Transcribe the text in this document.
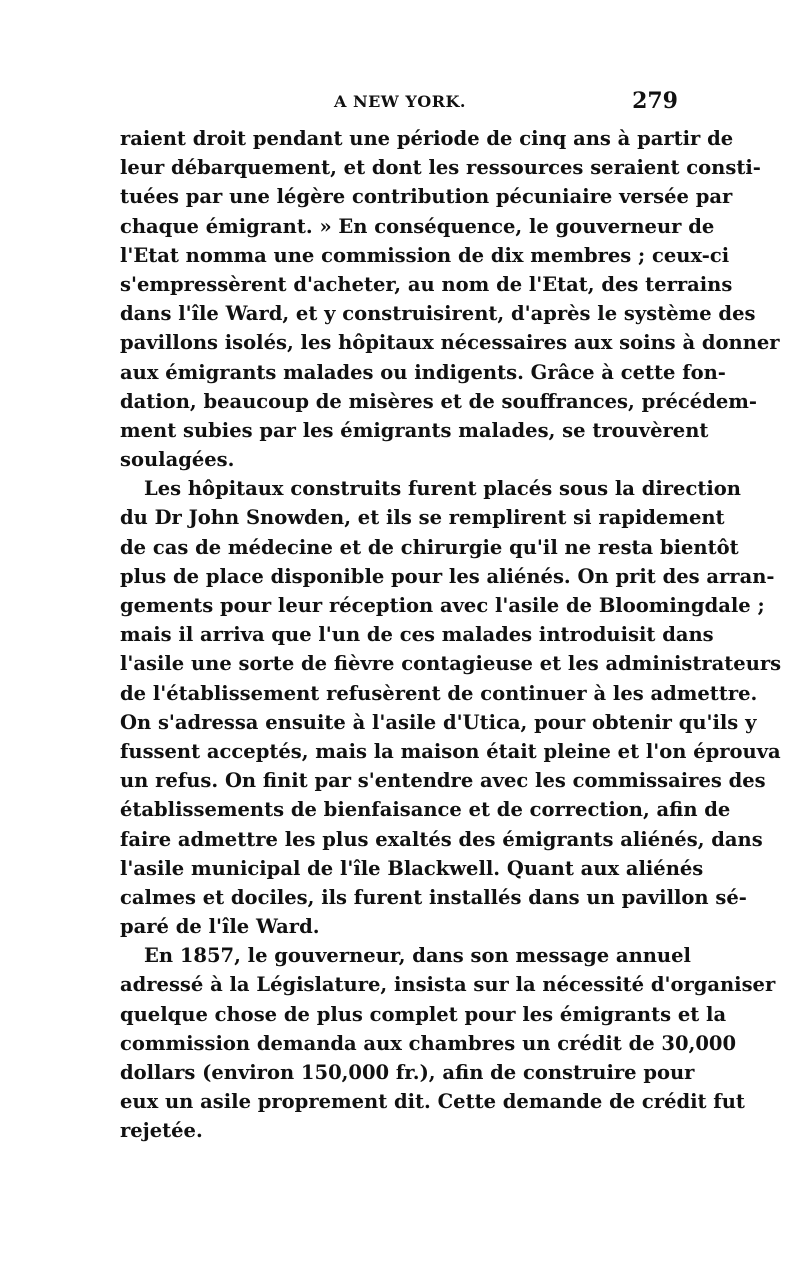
A NEW YORK.	279
raient droit pendant une période de cinq ans à partir de
leur débarquement, et dont les ressources seraient consti-
tuées par une légère contribution pécuniaire versée par
chaque émigrant. » En conséquence, le gouverneur de
l'Etat nomma une commission de dix membres ; ceux-ci
s'empressèrent d'acheter, au nom de l'Etat, des terrains
dans l'île Ward, et y construisirent, d'après le système des
pavillons isolés, les hôpitaux nécessaires aux soins à donner
aux émigrants malades ou indigents. Grâce à cette fon-
dation, beaucoup de misères et de souffrances, précédem-
ment subies par les émigrants malades, se trouvèrent
soulagées.
Les hôpitaux construits furent placés sous la direction
du Dr John Snowden, et ils se remplirent si rapidement
de cas de médecine et de chirurgie qu'il ne resta bientôt
plus de place disponible pour les aliénés. On prit des arran-
gements pour leur réception avec l'asile de Bloomingdale ;
mais il arriva que l'un de ces malades introduisit dans
l'asile une sorte de fièvre contagieuse et les administrateurs
de l'établissement refusèrent de continuer à les admettre.
On s'adressa ensuite à l'asile d'Utica, pour obtenir qu'ils y
fussent acceptés, mais la maison était pleine et l'on éprouva
un refus. On finit par s'entendre avec les commissaires des
établissements de bienfaisance et de correction, afin de
faire admettre les plus exaltés des émigrants aliénés, dans
l'asile municipal de l'île Blackwell. Quant aux aliénés
calmes et dociles, ils furent installés dans un pavillon sé-
paré de l'île Ward.
En 1857, le gouverneur, dans son message annuel
adressé à la Législature, insista sur la nécessité d'organiser
quelque chose de plus complet pour les émigrants et la
commission demanda aux chambres un crédit de 30,000
dollars (environ 150,000 fr.), afin de construire pour
eux un asile proprement dit. Cette demande de crédit fut
rejetée.
